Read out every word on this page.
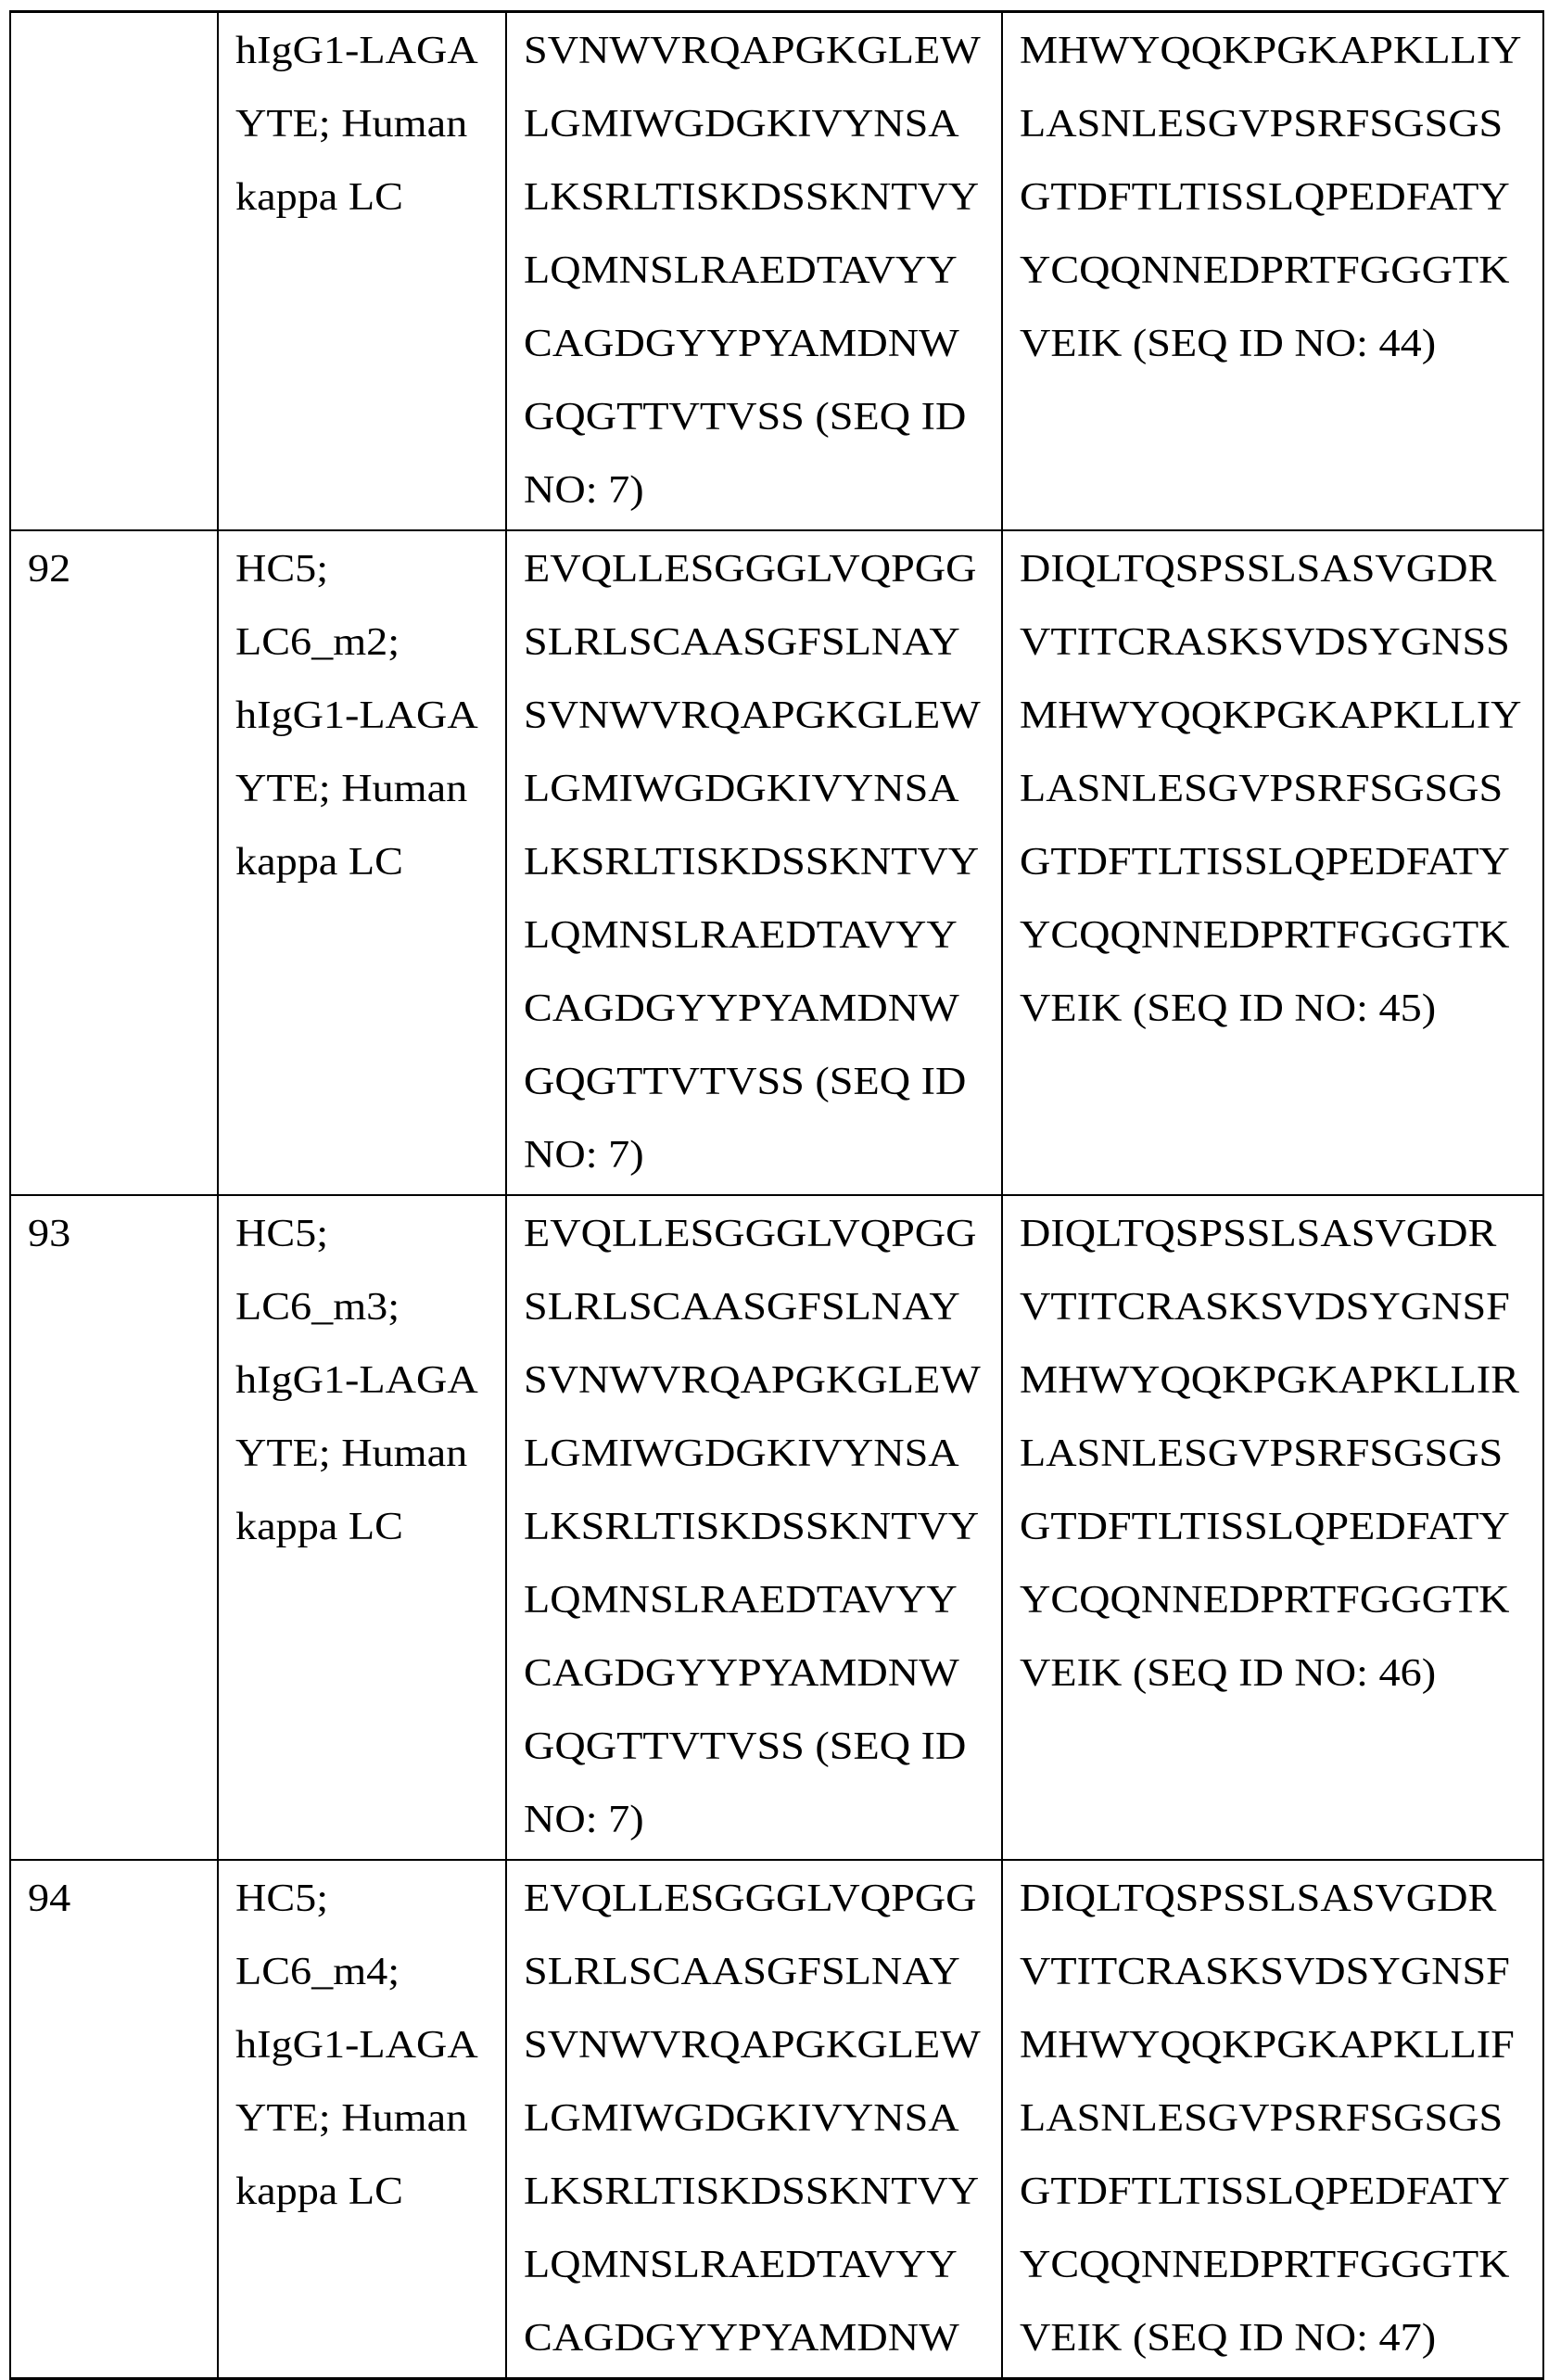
hIgG1-LAGA
YTE; Human
kappa LC

SVNWVRQAPGKGLEW
LGMIWGDGKIVYNSA
LKSRLTISKDSSKNTVY
LQMNSLRAEDTAVYY
CAGDGYYPYAMDNW
GQGTTVTVSS (SEQ ID
NO: 7)

MHWYQQKPGKAPKLLIY
LASNLESGVPSRFSGSGS
GTDFTLTISSLQPEDFATY
YCQQNNEDPRTFGGGTK
VEIK (SEQ ID NO: 44)

92	HC5;
LC6_m2;
hIgG1-LAGA
YTE; Human
kappa LC

EVQLLESGGGLVQPGG
SLRLSCAASGFSLNAY
SVNWVRQAPGKGLEW
LGMIWGDGKIVYNSA
LKSRLTISKDSSKNTVY
LQMNSLRAEDTAVYY
CAGDGYYPYAMDNW
GQGTTVTVSS (SEQ ID
NO: 7)

DIQLTQSPSSLSASVGDR
VTITCRASKSVDSYGNSS
MHWYQQKPGKAPKLLIY
LASNLESGVPSRFSGSGS
GTDFTLTISSLQPEDFATY
YCQQNNEDPRTFGGGTK
VEIK (SEQ ID NO: 45)

93	HC5;
LC6_m3;
hIgG1-LAGA
YTE; Human
kappa LC

EVQLLESGGGLVQPGG
SLRLSCAASGFSLNAY
SVNWVRQAPGKGLEW
LGMIWGDGKIVYNSA
LKSRLTISKDSSKNTVY
LQMNSLRAEDTAVYY
CAGDGYYPYAMDNW
GQGTTVTVSS (SEQ ID
NO: 7)

DIQLTQSPSSLSASVGDR
VTITCRASKSVDSYGNSF
MHWYQQKPGKAPKLLIR
LASNLESGVPSRFSGSGS
GTDFTLTISSLQPEDFATY
YCQQNNEDPRTFGGGTK
VEIK (SEQ ID NO: 46)

94	HC5;
LC6_m4;
hIgG1-LAGA
YTE; Human
kappa LC

EVQLLESGGGLVQPGG
SLRLSCAASGFSLNAY
SVNWVRQAPGKGLEW
LGMIWGDGKIVYNSA
LKSRLTISKDSSKNTVY
LQMNSLRAEDTAVYY
CAGDGYYPYAMDNW

DIQLTQSPSSLSASVGDR
VTITCRASKSVDSYGNSF
MHWYQQKPGKAPKLLIF
LASNLESGVPSRFSGSGS
GTDFTLTISSLQPEDFATY
YCQQNNEDPRTFGGGTK
VEIK (SEQ ID NO: 47)
